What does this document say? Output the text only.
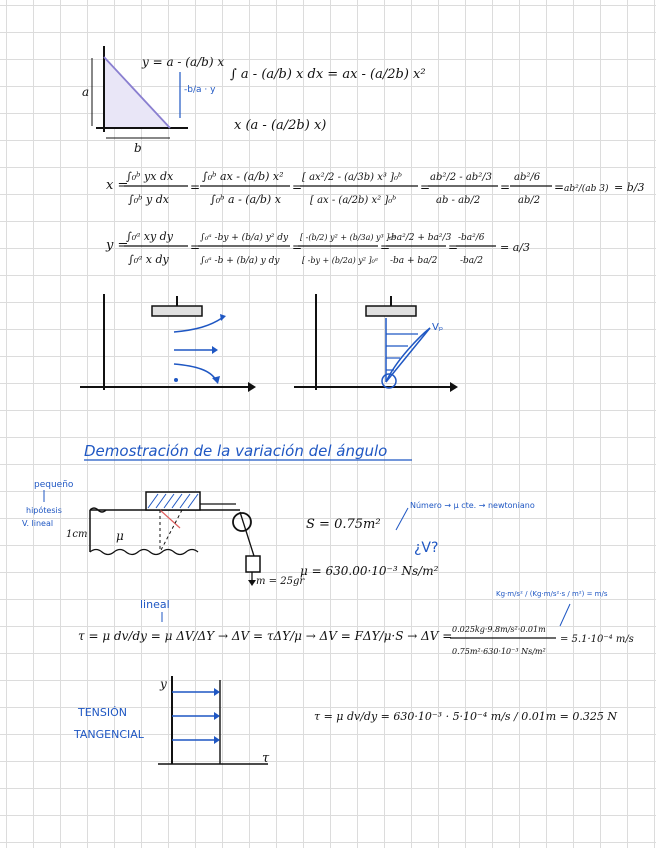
y = a - (a/b) x
a
b
-b/a · y
∫ a - (a/b) x dx = ax - (a/2b) x²
x (a - (a/2b) x)
x =
∫₀ᵇ yx dx
∫₀ᵇ y dx
=
∫₀ᵇ ax - (a/b) x²
∫₀ᵇ a - (a/b) x
=
[ ax²/2 - (a/3b) x³ ]₀ᵇ
[ ax - (a/2b) x² ]₀ᵇ
=
ab²/2 - ab²/3
ab - ab/2
=
ab²/6
ab/2
= ab²/(ab 3) = b/3
y =
∫₀ᵃ xy dy
∫₀ᵃ x dy
=
∫₀ᵃ -by + (b/a) y² dy
∫₀ᵃ -b + (b/a) y dy
=
[ -(b/2) y² + (b/3a) y³ ]₀ᵃ
[ -by + (b/2a) y² ]₀ᵃ
=
-ba²/2 + ba²/3
-ba + ba/2
=
-ba²/6
-ba/2
= a/3
Vₚ
Demostración de la variación del ángulo
pequeño
hipótesis
V. lineal
1cm μ
m = 25gr
S = 0.75m²
¿V?
μ = 630.00·10⁻³ Ns/m²
Número → μ cte. → newtoniano
lineal
τ = μ dv/dy = μ ΔV/ΔY → ΔV = τΔY/μ → ΔV = FΔY/μ·S → ΔV = 0.025kg·9.8m/s²·0.01m
0.75m²·630·10⁻³ Ns/m²
= 5.1·10⁻⁴ m/s
Kg·m/s² / (Kg·m/s²·s / m²) = m/s
TENSIÓN
TANGENCIAL
y
τ
τ = μ dv/dy = 630·10⁻³ · 5·10⁻⁴ m/s / 0.01m = 0.325 N
